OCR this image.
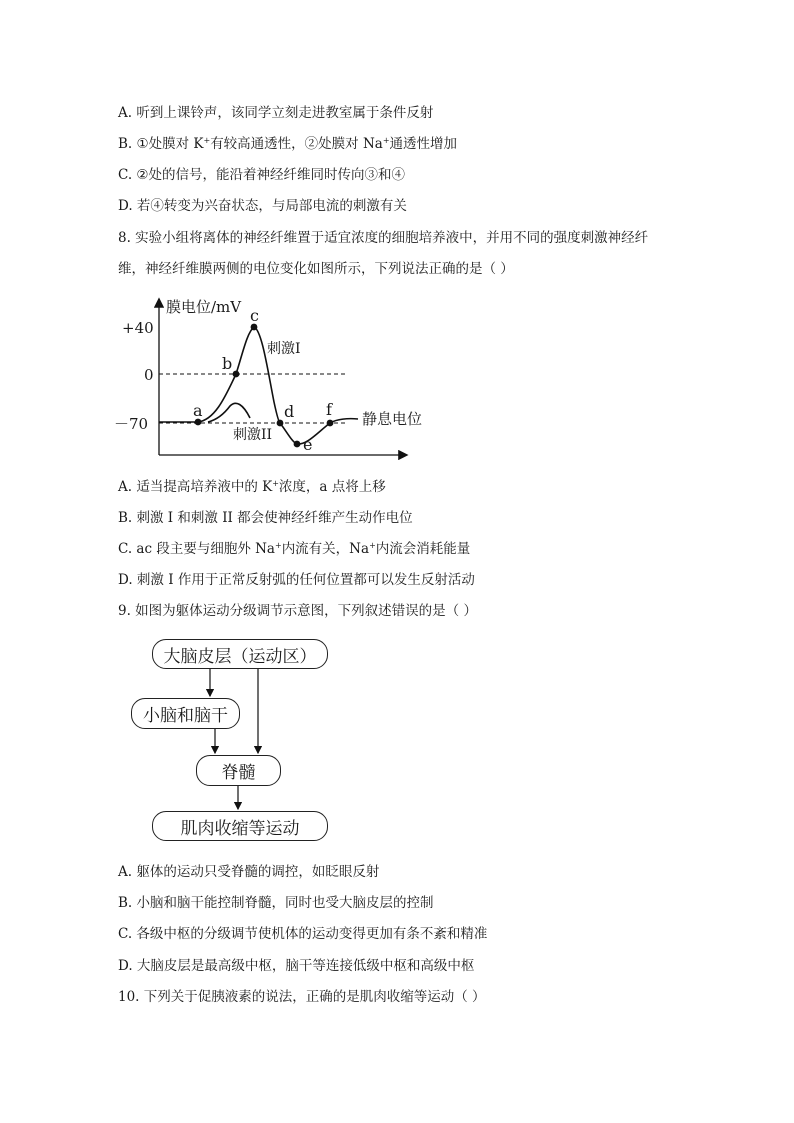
A. 听到上课铃声，该同学立刻走进教室属于条件反射
B. ①处膜对 K+有较高通透性，②处膜对 Na+通透性增加
C. ②处的信号，能沿着神经纤维同时传向③和④
D. 若④转变为兴奋状态，与局部电流的刺激有关
8. 实验小组将离体的神经纤维置于适宜浓度的细胞培养液中，并用不同的强度刺激神经纤
维，神经纤维膜两侧的电位变化如图所示，下列说法正确的是（ ）
膜电位/mV
+40
0
－70
a
b
c
d
e
f
刺激I
刺激II
静息电位
A. 适当提高培养液中的 K+浓度，a 点将上移
B. 刺激 I 和刺激 II 都会使神经纤维产生动作电位
C. ac 段主要与细胞外 Na+内流有关，Na+内流会消耗能量
D. 刺激 I 作用于正常反射弧的任何位置都可以发生反射活动
9. 如图为躯体运动分级调节示意图，下列叙述错误的是（ ）
大脑皮层（运动区）
小脑和脑干
脊髓
肌肉收缩等运动
A. 躯体的运动只受脊髓的调控，如眨眼反射
B. 小脑和脑干能控制脊髓，同时也受大脑皮层的控制
C. 各级中枢的分级调节使机体的运动变得更加有条不紊和精准
D. 大脑皮层是最高级中枢，脑干等连接低级中枢和高级中枢
10. 下列关于促胰液素的说法，正确的是肌肉收缩等运动（ ）
